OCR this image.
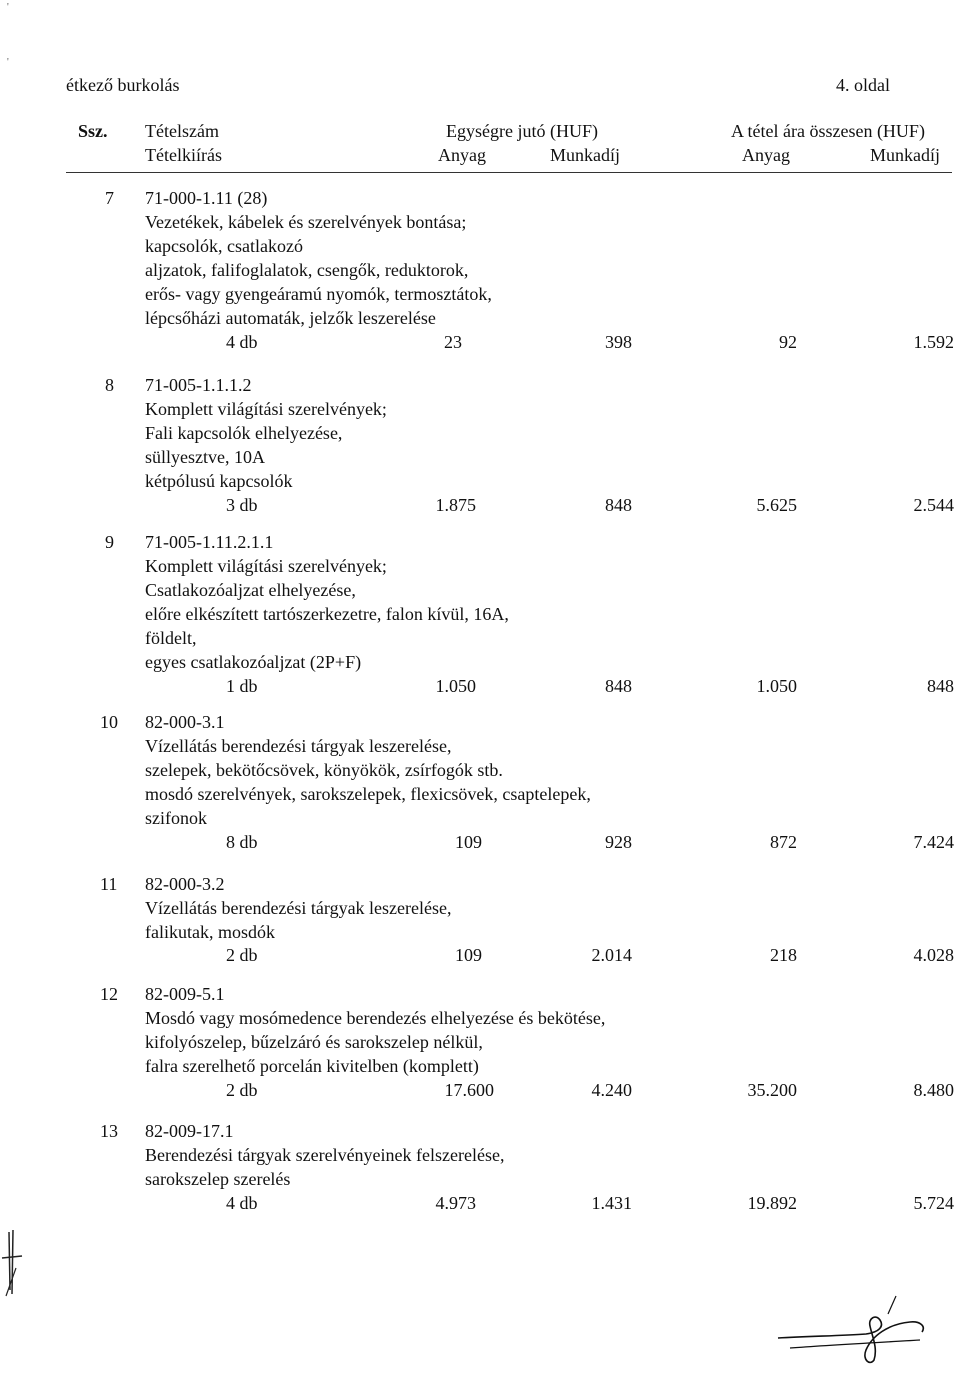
'
'
étkező burkolás	4. oldal
Ssz. Tételszám
Tételkiírás
Egységre jutó (HUF)	A tétel ára összesen (HUF)
Anyag	Munkadíj	Anyag	Munkadíj
7 71-000-1.11 (28)
Vezetékek, kábelek és szerelvények bontása;
kapcsolók, csatlakozó
aljzatok, falifoglalatok, csengők, reduktorok,
erős- vagy gyengeáramú nyomók, termosztátok,
lépcsőházi automaták, jelzők leszerelése
4 db	23	398	92	1.592
8 71-005-1.1.1.2
Komplett világítási szerelvények;
Fali kapcsolók elhelyezése,
süllyesztve, 10A
kétpólusú kapcsolók
3 db	1.875	848	5.625	2.544
9 71-005-1.11.2.1.1
Komplett világítási szerelvények;
Csatlakozóaljzat elhelyezése,
előre elkészített tartószerkezetre, falon kívül, 16A,
földelt,
egyes csatlakozóaljzat (2P+F)
1 db	1.050	848	1.050	848
10 82-000-3.1
Vízellátás berendezési tárgyak leszerelése,
szelepek, bekötőcsövek, könyökök, zsírfogók stb.
mosdó szerelvények, sarokszelepek, flexicsövek, csaptelepek,
szifonok
8 db	109	928	872	7.424
11 82-000-3.2
Vízellátás berendezési tárgyak leszerelése,
falikutak, mosdók
2 db	109	2.014	218	4.028
12 82-009-5.1
Mosdó vagy mosómedence berendezés elhelyezése és bekötése,
kifolyószelep, bűzelzáró és sarokszelep nélkül,
falra szerelhető porcelán kivitelben (komplett)
2 db	17.600	4.240	35.200	8.480
13 82-009-17.1
Berendezési tárgyak szerelvényeinek felszerelése,
sarokszelep szerelés
4 db	4.973	1.431	19.892	5.724
